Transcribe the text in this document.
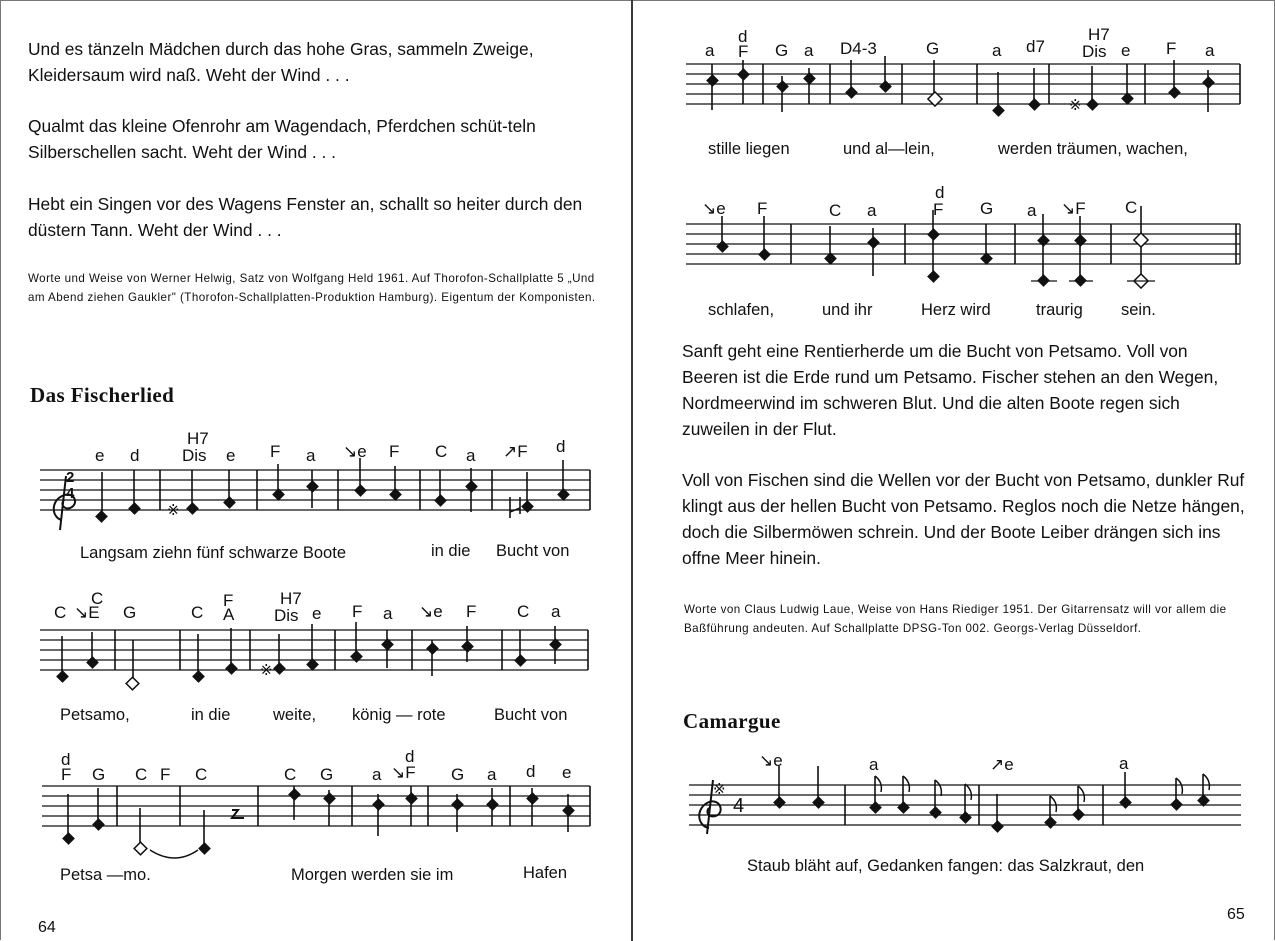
Und es tänzeln Mädchen durch das hohe Gras, sammeln Zweige, Kleidersaum wird naß. Weht der Wind . . .

Qualmt das kleine Ofenrohr am Wagendach, Pferdchen schüt-teln Silberschellen sacht. Weht der Wind . . .

Hebt ein Singen vor des Wagens Fenster an, schallt so heiter durch den düstern Tann. Weht der Wind . . .

Worte und Weise von Werner Helwig, Satz von Wolfgang Held 1961. Auf Thorofon-Schallplatte 5 „Und am Abend ziehen Gaukler" (Thorofon-Schallplatten-Produktion Hamburg). Eigentum der Komponisten.

Das Fischerlied
e d
H7
Dis e F a ↘e F C a ↗F d
2
4
※
Langsam ziehn fünf schwarze Boote	in die Bucht von
C ↘E
C
G	C
F
A
H7
Dis e F a ↘e F C a
※
Petsamo,	in die	weite, könig — rote	Bucht von
d
F G C F C	C G a
d
↘F G a d e
Petsa —mo.	Morgen werden sie im	Hafen
64
a
d
F G a D4-3	G	a d7
H7
Dis e F a
※
stille liegen	und al—lein,	werden träumen, wachen,
↘e F	C a
d
F G a ↘F C
schlafen,	und ihr	Herz wird	traurig sein.

Sanft geht eine Rentierherde um die Bucht von Petsamo. Voll von Beeren ist die Erde rund um Petsamo. Fischer stehen an den Wegen, Nordmeerwind im schweren Blut. Und die alten Boote regen sich zuweilen in der Flut.

Voll von Fischen sind die Wellen vor der Bucht von Petsamo, dunkler Ruf klingt aus der hellen Bucht von Petsamo. Reglos noch die Netze hängen, doch die Silbermöwen schrein. Und der Boote Leiber drängen sich ins offne Meer hinein.

Worte von Claus Ludwig Laue, Weise von Hans Riediger 1951. Der Gitarrensatz will vor allem die Baßführung andeuten. Auf Schallplatte DPSG-Ton 002. Georgs-Verlag Düsseldorf.

Camargue
↘e	a	↗e	a
※
4
Staub bläht auf, Gedanken fangen: das Salzkraut, den
65
